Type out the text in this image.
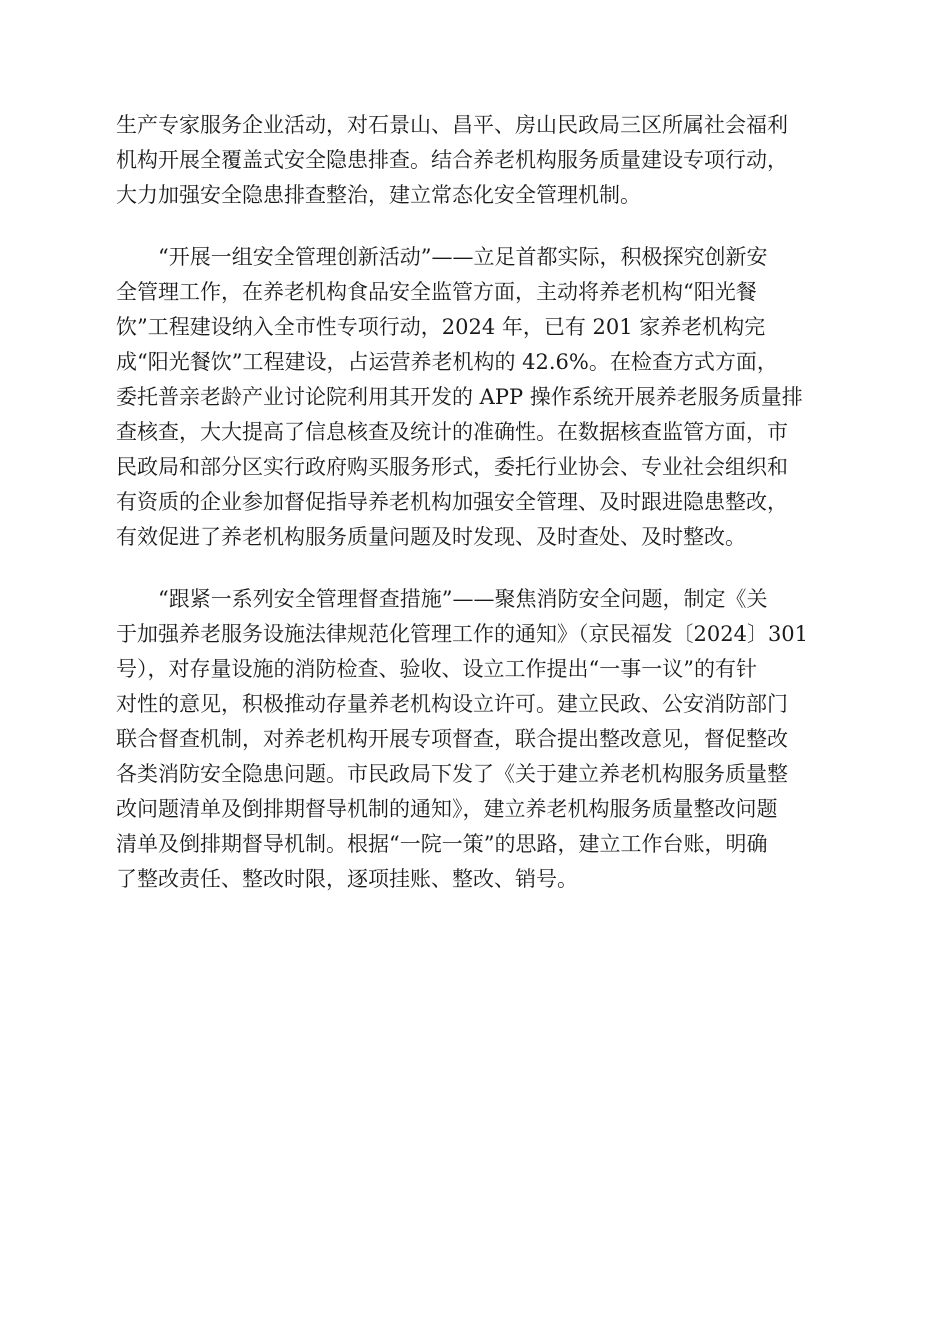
生产专家服务企业活动，对石景山、昌平、房山民政局三区所属社会福利
机构开展全覆盖式安全隐患排查。结合养老机构服务质量建设专项行动，
大力加强安全隐患排查整治，建立常态化安全管理机制。
　　“开展一组安全管理创新活动”——立足首都实际，积极探究创新安
全管理工作，在养老机构食品安全监管方面，主动将养老机构“阳光餐
饮”工程建设纳入全市性专项行动，2024 年，已有 201 家养老机构完
成“阳光餐饮”工程建设，占运营养老机构的 42.6%。在检查方式方面，
委托普亲老龄产业讨论院利用其开发的 APP 操作系统开展养老服务质量排
查核查，大大提高了信息核查及统计的准确性。在数据核查监管方面，市
民政局和部分区实行政府购买服务形式，委托行业协会、专业社会组织和
有资质的企业参加督促指导养老机构加强安全管理、及时跟进隐患整改，
有效促进了养老机构服务质量问题及时发现、及时查处、及时整改。
　　“跟紧一系列安全管理督查措施”——聚焦消防安全问题，制定《关
于加强养老服务设施法律规范化管理工作的通知》（京民福发〔2024〕301
号），对存量设施的消防检查、验收、设立工作提出“一事一议”的有针
对性的意见，积极推动存量养老机构设立许可。建立民政、公安消防部门
联合督查机制，对养老机构开展专项督查，联合提出整改意见，督促整改
各类消防安全隐患问题。市民政局下发了《关于建立养老机构服务质量整
改问题清单及倒排期督导机制的通知》，建立养老机构服务质量整改问题
清单及倒排期督导机制。根据“一院一策”的思路，建立工作台账，明确
了整改责任、整改时限，逐项挂账、整改、销号。
